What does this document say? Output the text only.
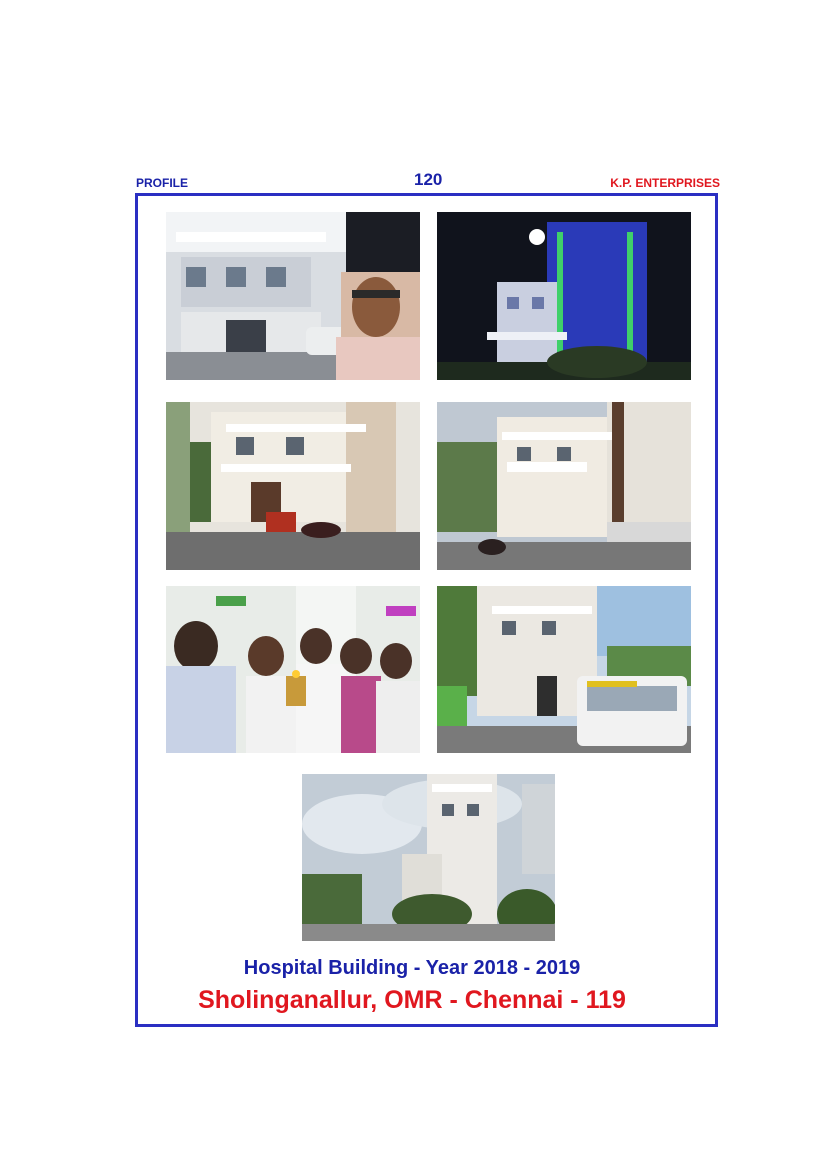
PROFILE	120	K.P. ENTERPRISES
Hospital Building - Year 2018 - 2019
Sholinganallur, OMR - Chennai - 119
